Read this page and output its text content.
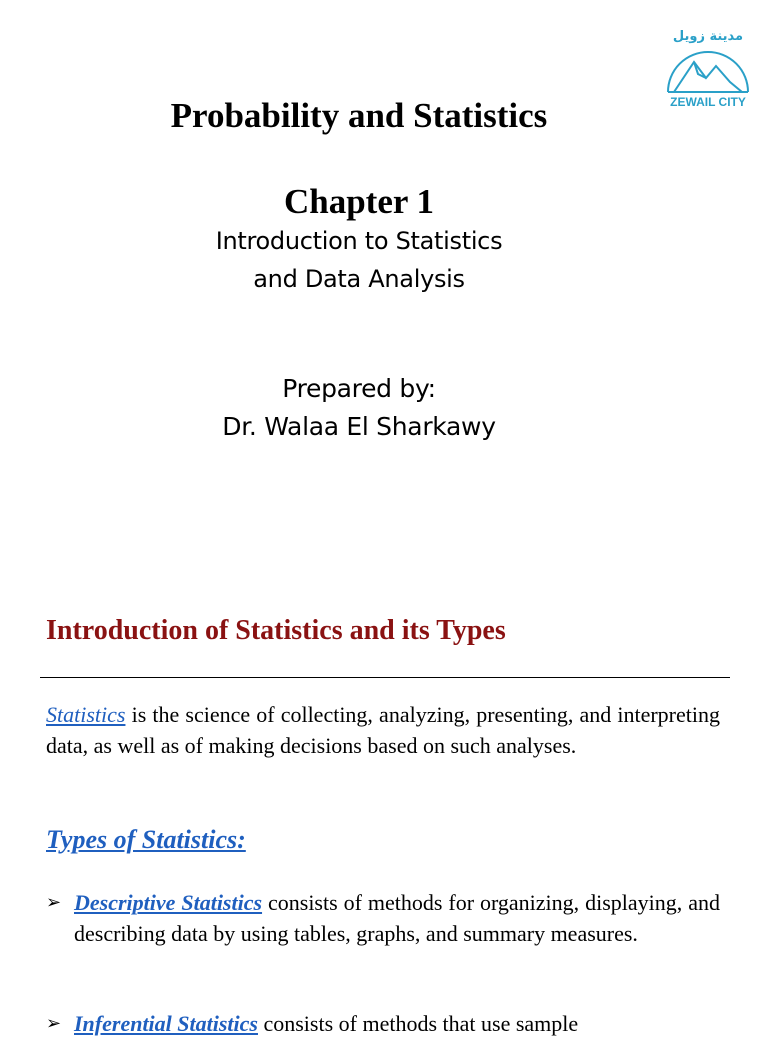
مدينة زويل
ZEWAIL CITY
Probability and Statistics
Chapter 1
Introduction to Statistics
and Data Analysis
Prepared by:
Dr. Walaa El Sharkawy
Introduction of Statistics and its Types

Statistics is the science of collecting, analyzing, presenting, and interpreting data, as well as of making decisions based on such analyses.

Types of Statistics:

➢ Descriptive Statistics consists of methods for organizing, displaying, and describing data by using tables, graphs, and summary measures.

➢ Inferential Statistics consists of methods that use sample
